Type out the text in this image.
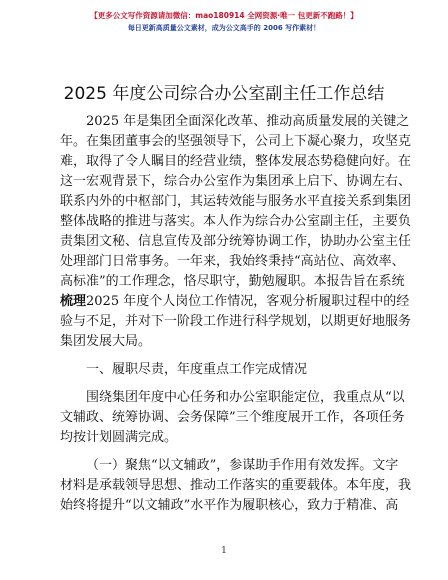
【更多公文写作资源请加微信：mao180914 全网资源·唯一 包更新不跑路！】
每日更新高质量公文素材，成为公文高手的 2006 写作素材！
2025 年度公司综合办公室副主任工作总结
2025 年是集团全面深化改革、推动高质量发展的关键之
年。在集团董事会的坚强领导下，公司上下凝心聚力，攻坚克
难，取得了令人瞩目的经营业绩，整体发展态势稳健向好。在
这一宏观背景下，综合办公室作为集团承上启下、协调左右、
联系内外的中枢部门，其运转效能与服务水平直接关系到集团
整体战略的推进与落实。本人作为综合办公室副主任，主要负
责集团文秘、信息宣传及部分统筹协调工作，协助办公室主任
处理部门日常事务。一年来，我始终秉持“高站位、高效率、
高标准”的工作理念，恪尽职守，勤勉履职。本报告旨在系统
梳理 2025 年度个人岗位工作情况，客观分析履职过程中的经
验与不足，并对下一阶段工作进行科学规划，以期更好地服务
集团发展大局。
一、履职尽责，年度重点工作完成情况
围绕集团年度中心任务和办公室职能定位，我重点从“以
文辅政、统筹协调、会务保障”三个维度展开工作，各项任务
均按计划圆满完成。
（一）聚焦“以文辅政”，参谋助手作用有效发挥。文字
材料是承载领导思想、推动工作落实的重要载体。本年度，我
始终将提升“以文辅政”水平作为履职核心，致力于精准、高
1
